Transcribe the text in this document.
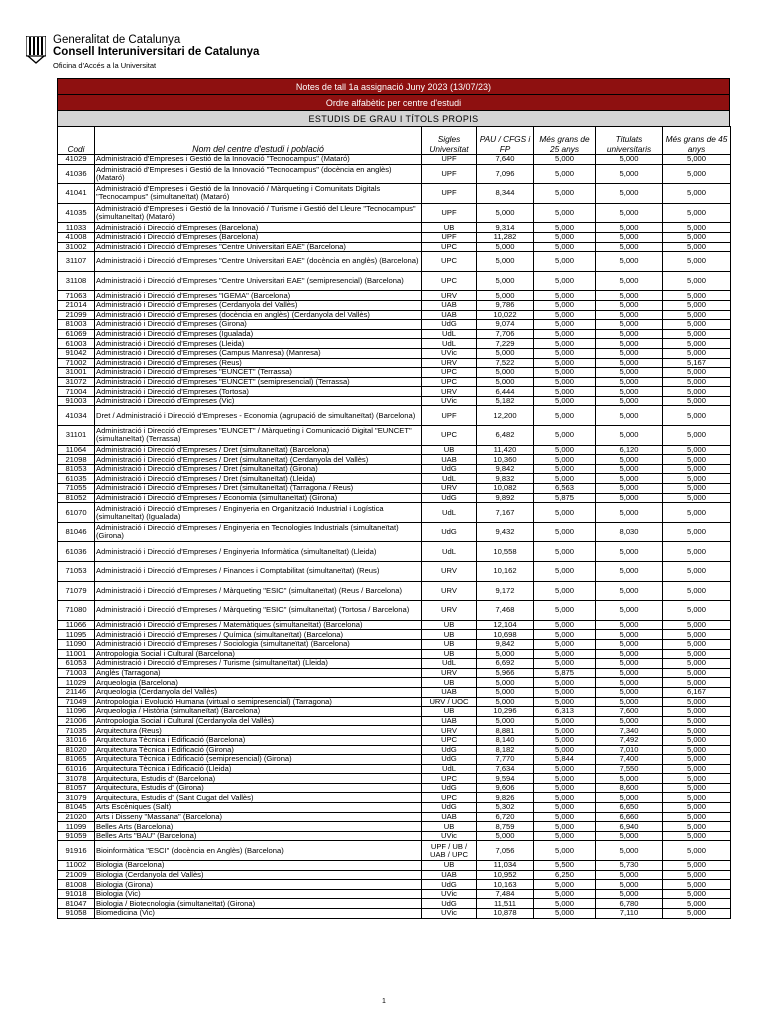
Generalitat de Catalunya
Consell Interuniversitari de Catalunya
Oficina d'Accés a la Universitat
Notes de tall 1a assignació Juny 2023 (13/07/23)
Ordre alfabètic per centre d'estudi
ESTUDIS DE GRAU I TÍTOLS PROPIS
Codi	Nom del centre d'estudi i població	Sigles Universitat	PAU / CFGS i FP	Més grans de 25 anys	Titulats universitaris	Més grans de 45 anys
41029	Administració d'Empreses i Gestió de la Innovació "Tecnocampus" (Mataró)	UPF	7,640	5,000	5,000	5,000
41036	Administració d'Empreses i Gestió de la Innovació "Tecnocampus" (docència en anglès) (Mataró)	UPF	7,096	5,000	5,000	5,000
41041	Administració d'Empreses i Gestió de la Innovació / Màrqueting i Comunitats Digitals "Tecnocampus" (simultaneïtat) (Mataró)	UPF	8,344	5,000	5,000	5,000
41035	Administració d'Empreses i Gestió de la Innovació / Turisme i Gestió del Lleure "Tecnocampus" (simultaneïtat) (Mataró)	UPF	5,000	5,000	5,000	5,000
11033	Administració i Direcció d'Empreses (Barcelona)	UB	9,314	5,000	5,000	5,000
41008	Administració i Direcció d'Empreses (Barcelona)	UPF	11,282	5,000	5,000	5,000
31002	Administració i Direcció d'Empreses "Centre Universitari EAE" (Barcelona)	UPC	5,000	5,000	5,000	5,000
31107	Administració i Direcció d'Empreses "Centre Universitari EAE" (docència en anglès) (Barcelona)	UPC	5,000	5,000	5,000	5,000
31108	Administració i Direcció d'Empreses "Centre Universitari EAE" (semipresencial) (Barcelona)	UPC	5,000	5,000	5,000	5,000
71063	Administració i Direcció d'Empreses "IGEMA" (Barcelona)	URV	5,000	5,000	5,000	5,000
21014	Administració i Direcció d'Empreses (Cerdanyola del Vallès)	UAB	9,786	5,000	5,000	5,000
21099	Administració i Direcció d'Empreses (docència en anglès) (Cerdanyola del Vallès)	UAB	10,022	5,000	5,000	5,000
81003	Administració i Direcció d'Empreses (Girona)	UdG	9,074	5,000	5,000	5,000
61069	Administració i Direcció d'Empreses (Igualada)	UdL	7,706	5,000	5,000	5,000
61003	Administració i Direcció d'Empreses (Lleida)	UdL	7,229	5,000	5,000	5,000
91042	Administració i Direcció d'Empreses (Campus Manresa) (Manresa)	UVic	5,000	5,000	5,000	5,000
71002	Administració i Direcció d'Empreses (Reus)	URV	7,522	5,000	5,000	5,167
31001	Administració i Direcció d'Empreses "EUNCET" (Terrassa)	UPC	5,000	5,000	5,000	5,000
31072	Administració i Direcció d'Empreses "EUNCET" (semipresencial) (Terrassa)	UPC	5,000	5,000	5,000	5,000
71004	Administració i Direcció d'Empreses (Tortosa)	URV	6,444	5,000	5,000	5,000
91003	Administració i Direcció d'Empreses (Vic)	UVic	5,182	5,000	5,000	5,000
41034	Dret / Administració i Direcció d'Empreses - Economia (agrupació de simultaneïtat) (Barcelona)	UPF	12,200	5,000	5,000	5,000
31101	Administració i Direcció d'Empreses "EUNCET" / Màrqueting i Comunicació Digital "EUNCET" (simultaneïtat) (Terrassa)	UPC	6,482	5,000	5,000	5,000
11064	Administració i Direcció d'Empreses / Dret (simultaneïtat) (Barcelona)	UB	11,420	5,000	6,120	5,000
21098	Administració i Direcció d'Empreses / Dret (simultaneïtat) (Cerdanyola del Vallès)	UAB	10,360	5,000	5,000	5,000
81053	Administració i Direcció d'Empreses / Dret (simultaneïtat) (Girona)	UdG	9,842	5,000	5,000	5,000
61035	Administració i Direcció d'Empreses / Dret (simultaneïtat) (Lleida)	UdL	9,832	5,000	5,000	5,000
71055	Administració i Direcció d'Empreses / Dret (simultaneïtat) (Tarragona / Reus)	URV	10,082	6,563	5,000	5,000
81052	Administració i Direcció d'Empreses / Economia (simultaneïtat) (Girona)	UdG	9,892	5,875	5,000	5,000
61070	Administració i Direcció d'Empreses / Enginyeria en Organització Industrial i Logística (simultaneïtat) (Igualada)	UdL	7,167	5,000	5,000	5,000
81046	Administració i Direcció d'Empreses / Enginyeria en Tecnologies Industrials (simultaneïtat) (Girona)	UdG	9,432	5,000	8,030	5,000
61036	Administració i Direcció d'Empreses / Enginyeria Informàtica (simultaneïtat) (Lleida)	UdL	10,558	5,000	5,000	5,000
71053	Administració i Direcció d'Empreses / Finances i Comptabilitat (simultaneïtat) (Reus)	URV	10,162	5,000	5,000	5,000
71079	Administració i Direcció d'Empreses / Màrqueting "ESIC" (simultaneïtat) (Reus / Barcelona)	URV	9,172	5,000	5,000	5,000
71080	Administració i Direcció d'Empreses / Màrqueting "ESIC" (simultaneïtat) (Tortosa / Barcelona)	URV	7,468	5,000	5,000	5,000
11066	Administració i Direcció d'Empreses / Matemàtiques (simultaneïtat) (Barcelona)	UB	12,104	5,000	5,000	5,000
11095	Administració i Direcció d'Empreses / Química (simultaneïtat) (Barcelona)	UB	10,698	5,000	5,000	5,000
11090	Administració i Direcció d'Empreses / Sociologia (simultaneïtat) (Barcelona)	UB	9,842	5,000	5,000	5,000
11001	Antropologia Social i Cultural (Barcelona)	UB	5,000	5,000	5,000	5,000
61053	Administració i Direcció d'Empreses / Turisme (simultaneïtat) (Lleida)	UdL	6,692	5,000	5,000	5,000
71003	Anglès (Tarragona)	URV	5,966	5,875	5,000	5,000
11029	Arqueologia (Barcelona)	UB	5,000	5,000	5,000	5,000
21146	Arqueologia (Cerdanyola del Vallès)	UAB	5,000	5,000	5,000	6,167
71049	Antropologia i Evolució Humana (virtual o semipresencial) (Tarragona)	URV / UOC	5,000	5,000	5,000	5,000
11096	Arqueologia / Història (simultaneïtat) (Barcelona)	UB	10,296	6,313	7,600	5,000
21006	Antropologia Social i Cultural (Cerdanyola del Vallès)	UAB	5,000	5,000	5,000	5,000
71035	Arquitectura (Reus)	URV	8,881	5,000	7,340	5,000
31016	Arquitectura Tècnica i Edificació (Barcelona)	UPC	8,140	5,000	7,492	5,000
81020	Arquitectura Tècnica i Edificació (Girona)	UdG	8,182	5,000	7,010	5,000
81065	Arquitectura Tècnica i Edificació (semipresencial) (Girona)	UdG	7,770	5,844	7,400	5,000
61016	Arquitectura Tècnica i Edificació (Lleida)	UdL	7,634	5,000	7,550	5,000
31078	Arquitectura, Estudis d' (Barcelona)	UPC	9,594	5,000	5,000	5,000
81057	Arquitectura, Estudis d' (Girona)	UdG	9,606	5,000	8,600	5,000
31079	Arquitectura, Estudis d' (Sant Cugat del Vallès)	UPC	9,826	5,000	5,000	5,000
81045	Arts Escèniques (Salt)	UdG	5,302	5,000	6,650	5,000
21020	Arts i Disseny "Massana" (Barcelona)	UAB	6,720	5,000	6,660	5,000
11099	Belles Arts (Barcelona)	UB	8,759	5,000	6,940	5,000
91059	Belles Arts "BAU" (Barcelona)	UVic	5,000	5,000	5,000	5,000
91916	Bioinformàtica "ESCI" (docència en Anglès) (Barcelona)	UPF / UB / UAB / UPC	7,056	5,000	5,000	5,000
11002	Biologia (Barcelona)	UB	11,034	5,500	5,730	5,000
21009	Biologia (Cerdanyola del Vallès)	UAB	10,952	6,250	5,000	5,000
81008	Biologia (Girona)	UdG	10,163	5,000	5,000	5,000
91018	Biologia (Vic)	UVic	7,484	5,000	5,000	5,000
81047	Biologia / Biotecnologia (simultaneïtat) (Girona)	UdG	11,511	5,000	6,780	5,000
91058	Biomedicina (Vic)	UVic	10,878	5,000	7,110	5,000
1
